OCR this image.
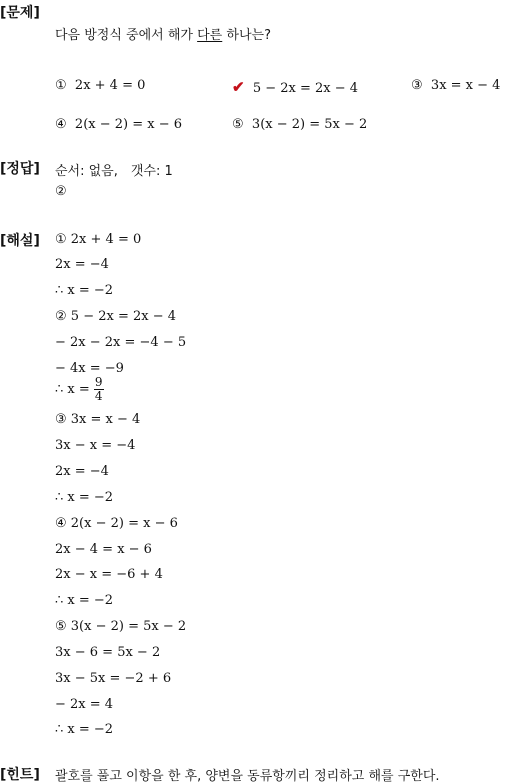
[문제]
다음 방정식 중에서 해가 다른 하나는?
① 2x + 4 = 0	✔ 5 − 2x = 2x − 4	③ 3x = x − 4
④ 2(x − 2) = x − 6	⑤ 3(x − 2) = 5x − 2
[정답] 순서: 없음,　갯수: 1
②
[해설] ① 2x + 4 = 0
2x = −4
∴ x = −2
② 5 − 2x = 2x − 4
− 2x − 2x = −4 − 5
− 4x = −9
∴ x =
$\frac{9}{4}$
③ 3x = x − 4
3x − x = −4
2x = −4
∴ x = −2
④ 2(x − 2) = x − 6
2x − 4 = x − 6
2x − x = −6 + 4
∴ x = −2
⑤ 3(x − 2) = 5x − 2
3x − 6 = 5x − 2
3x − 5x = −2 + 6
− 2x = 4
∴ x = −2
[힌트] 괄호를 풀고 이항을 한 후, 양변을 동류항끼리 정리하고 해를 구한다.
